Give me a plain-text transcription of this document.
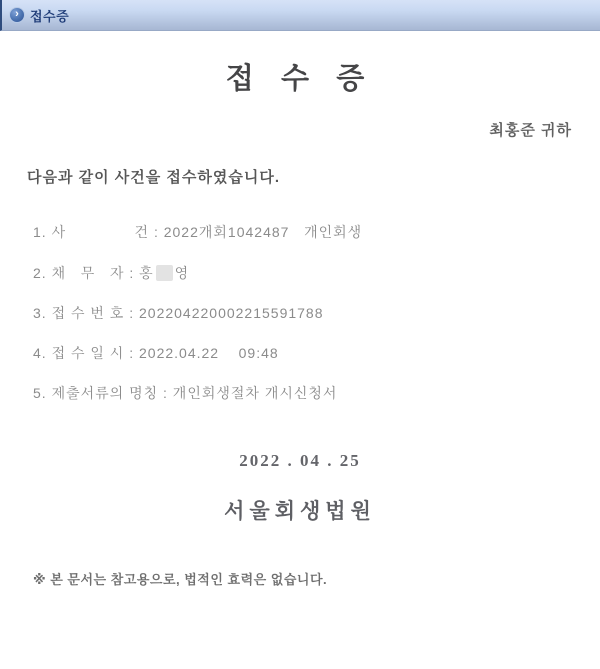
› 접수증
접 수 증
최홍준 귀하
다음과 같이 사건을 접수하였습니다.
1. 사              건 : 2022개회1042487   개인회생
2. 채   무   자 : 홍 영
3. 접 수 번 호 : 202204220002215591788
4. 접 수 일 시 : 2022.04.22    09:48
5. 제출서류의 명칭 : 개인회생절차 개시신청서
2022 . 04 . 25
서울회생법원
※ 본 문서는 참고용으로, 법적인 효력은 없습니다.
